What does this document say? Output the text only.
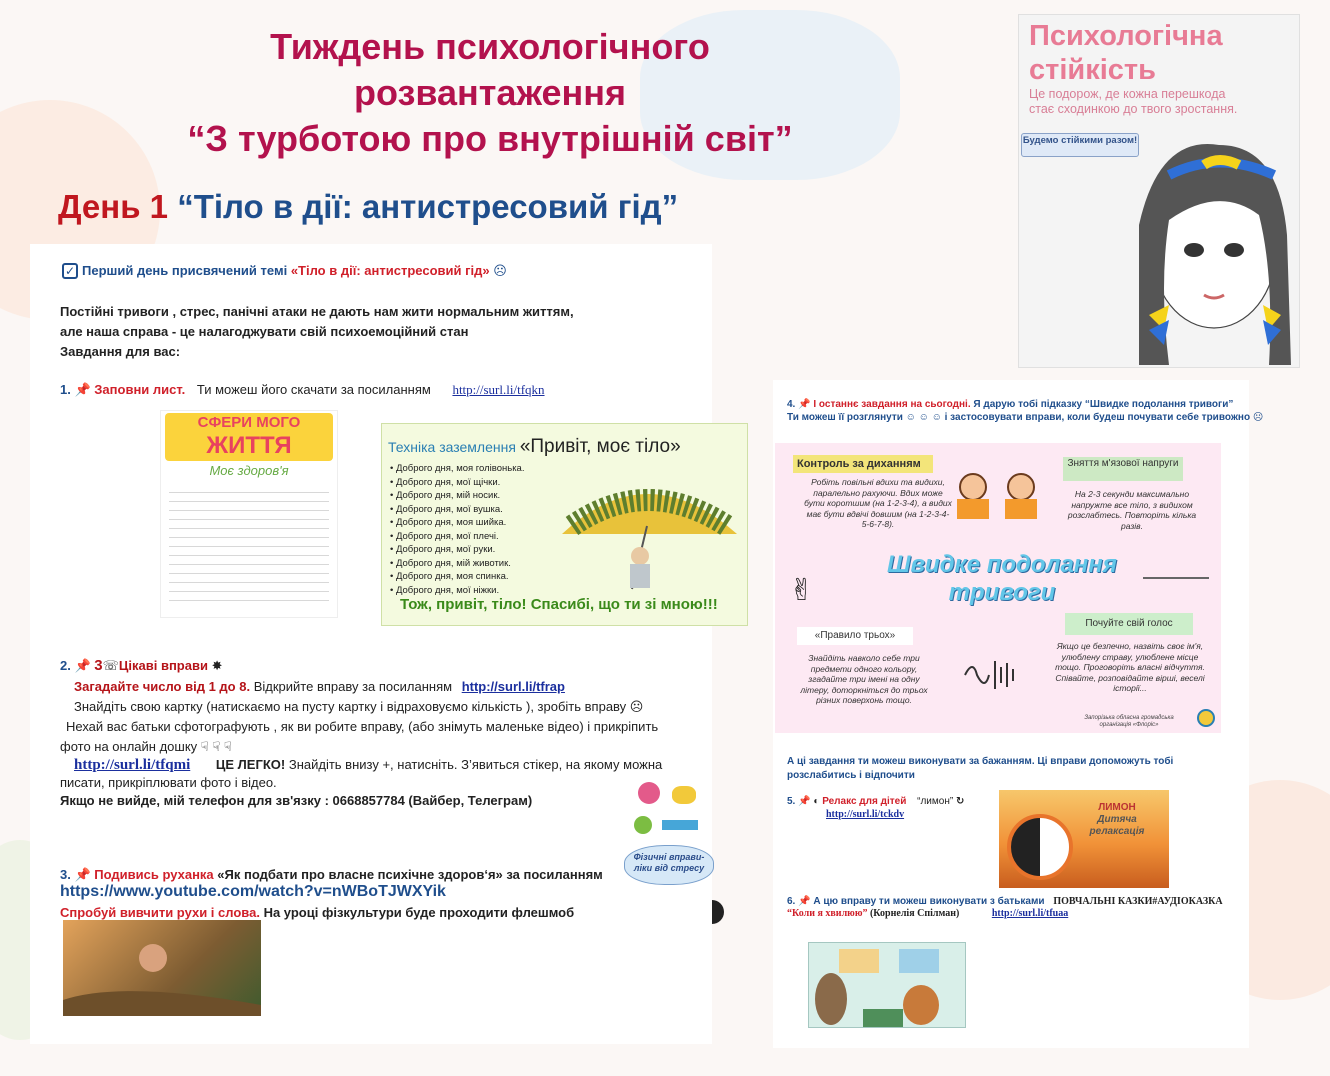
Тиждень психологічного
розвантаження
“З турботою про внутрішній світ”
День 1 “Тіло в дії: антистресовий гід”
Психологічна
стійкість
Це подорож, де кожна перешкода стає сходинкою до твого зростання.
Будемо стійкими разом!
✓ Перший день присвячений темі «Тіло в дії: антистресовий гід» ☹
Постійні тривоги , стрес, панічні атаки не дають нам жити нормальним життям,
але наша справа - це налагоджувати свій психоемоційний стан
Завдання для вас:
1. 📌 Заповни лист. Ти можеш його скачати за посиланням http://surl.li/tfqkn
СФЕРИ МОГО
ЖИТТЯ
Моє здоров'я
Техніка заземлення «Привіт, моє тіло»
• Доброго дня, моя голівонька.
• Доброго дня, мої щічки.
• Доброго дня, мій носик.
• Доброго дня, мої вушка.
• Доброго дня, моя шийка.
• Доброго дня, мої плечі.
• Доброго дня, мої руки.
• Доброго дня, мій животик.
• Доброго дня, моя спинка.
• Доброго дня, мої ніжки.
Тож, привіт, тіло! Спасибі, що ти зі мною!!!
2. 📌 3☏Цікаві вправи ✸
Загадайте число від 1 до 8. Відкрийте вправу за посиланням http://surl.li/tfrap
Знайдіть свою картку (натискаємо на пусту картку і відраховуємо кількість ), зробіть вправу ☹
Нехай вас батьки сфотографують , як ви робите вправу, (або знімуть маленьке відео) і прикріпить
фото на онлайн дошку ☟ ☟ ☟
http://surl.li/tfqmi ЦЕ ЛЕГКО! Знайдіть внизу +, натисніть. З’явиться стікер, на якому можна
писати, прикріплювати фото і відео.
Якщо не вийде, мій телефон для зв'язку : 0668857784 (Вайбер, Телеграм)
Фізичні вправи-ліки від стресу
3. 📌 Подивись руханка «Як подбати про власне психічне здоров‘я» за посиланням
https://www.youtube.com/watch?v=nWBoTJWXYik
Спробуй вивчити рухи і слова. На уроці фізкультури буде проходити флешмоб
4. 📌 І останнє завдання на сьогодні. Я дарую тобі підказку “Швидке подолання тривоги”
Ти можеш її розглянути ☺ ☺ ☺ і застосовувати вправи, коли будеш почувати себе тривожно ☹
Контроль за диханням
Робіть повільні вдихи та видихи, паралельно рахуючи. Вдих може бути коротшим (на 1-2-3-4), а видих має бути вдвічі довшим (на 1-2-3-4-5-6-7-8).
Зняття м'язової напруги
На 2-3 секунди максимально напружте все тіло, з видихом розслабтесь. Повторіть кілька разів.
Швидке подолання
тривоги
✌
«Правило трьох»
Знайдіть навколо себе три предмети одного кольору, згадайте три імені на одну літеру, доторкніться до трьох різних поверхонь тощо.
Почуйте свій голос
Якщо це безпечно, назвіть своє ім'я, улюблену страву, улюблене місце тощо. Проговоріть власні відчуття. Співайте, розповідайте вірші, веселі історії...
Запорізька обласна громадська організація «Флоріс»
А ці завдання ти можеш виконувати за бажанням. Ці вправи допоможуть тобі
розслабитись і відпочити
5. 📌 ◐ Релакс для дітей “лимон” ↻
http://surl.li/tckdv
ЛИМОН
Дитяча релаксація
6. 📌 А цю вправу ти можеш виконувати з батьками ПОВЧАЛЬНІ КАЗКИ#АУДІОКАЗКА
“Коли я хвилюю” (Корнелія Спілман)	http://surl.li/tfuaa
